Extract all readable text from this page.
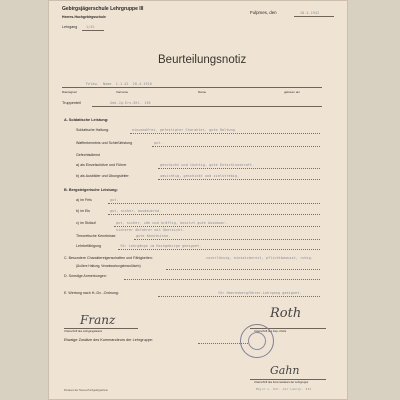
Gebirgsjägerschule Lehrgruppe III
Heeres-Hochgebirgsschule
Lehrgang	1/42
Fulpmes, den	10.4.1942
Beurteilungsnotiz
Feldw. Name 1.1.42 20.4.1916
Dienstgrad	Vorname	Name	geboren am
Truppenteil	Geb.Jg.Ers.Btl. 136
A. Soldatische Leistung:
Soldatische Haltung:	einwandfrei, gefestigter Charakter, gute Haltung.
Waffenkenntnis und Schießleistung	gut.
Gefechtsdienst
a) als Einzelschütze und Führer	geschickt und tüchtig, gute Entschlusskraft.
b) als Ausbilder und Übungsleiter	umsichtig, geschickt und zielstrebig.
B. Bergsteigerische Leistung:
a) im Fels	gut.
b) im Eis	gut, sicher, ausdauernd.
c) im Skilauf	gut, sicher, zäh und kräftig, besitzt gute Ausdauer.
sicherer Abfahrer mit Übersicht.
Theoretische Kenntnisse	gute Kenntnisse.
Lehrbefähigung	für Lehrgänge im Hochgebirge geeignet.
C. Besondere Charaktereigenschaften und Fähigkeiten:	zuverlässig, einsatzbereit, pflichtbewusst, ruhig.
(Äußere Haltung, Verantwortungsbewußtsein)
D. Sonstige Anmerkungen:
E. Wertung nach H.-Dv. -Ordnung:	für Heeresbergführer-Lehrgang geeignet.
Franz
Unterschrift des Lehrgangsleiters
Roth
Unterschrift des Insp.-Chefs
Etwaige Zusätze des Kommandeurs der Lehrgruppe:
Gahn
Unterschrift des Kommandeurs der Lehrgruppe
Major u. Kdr. der Lehrgr. III
Druckerei der Heeres-Hochgebirgsschule
